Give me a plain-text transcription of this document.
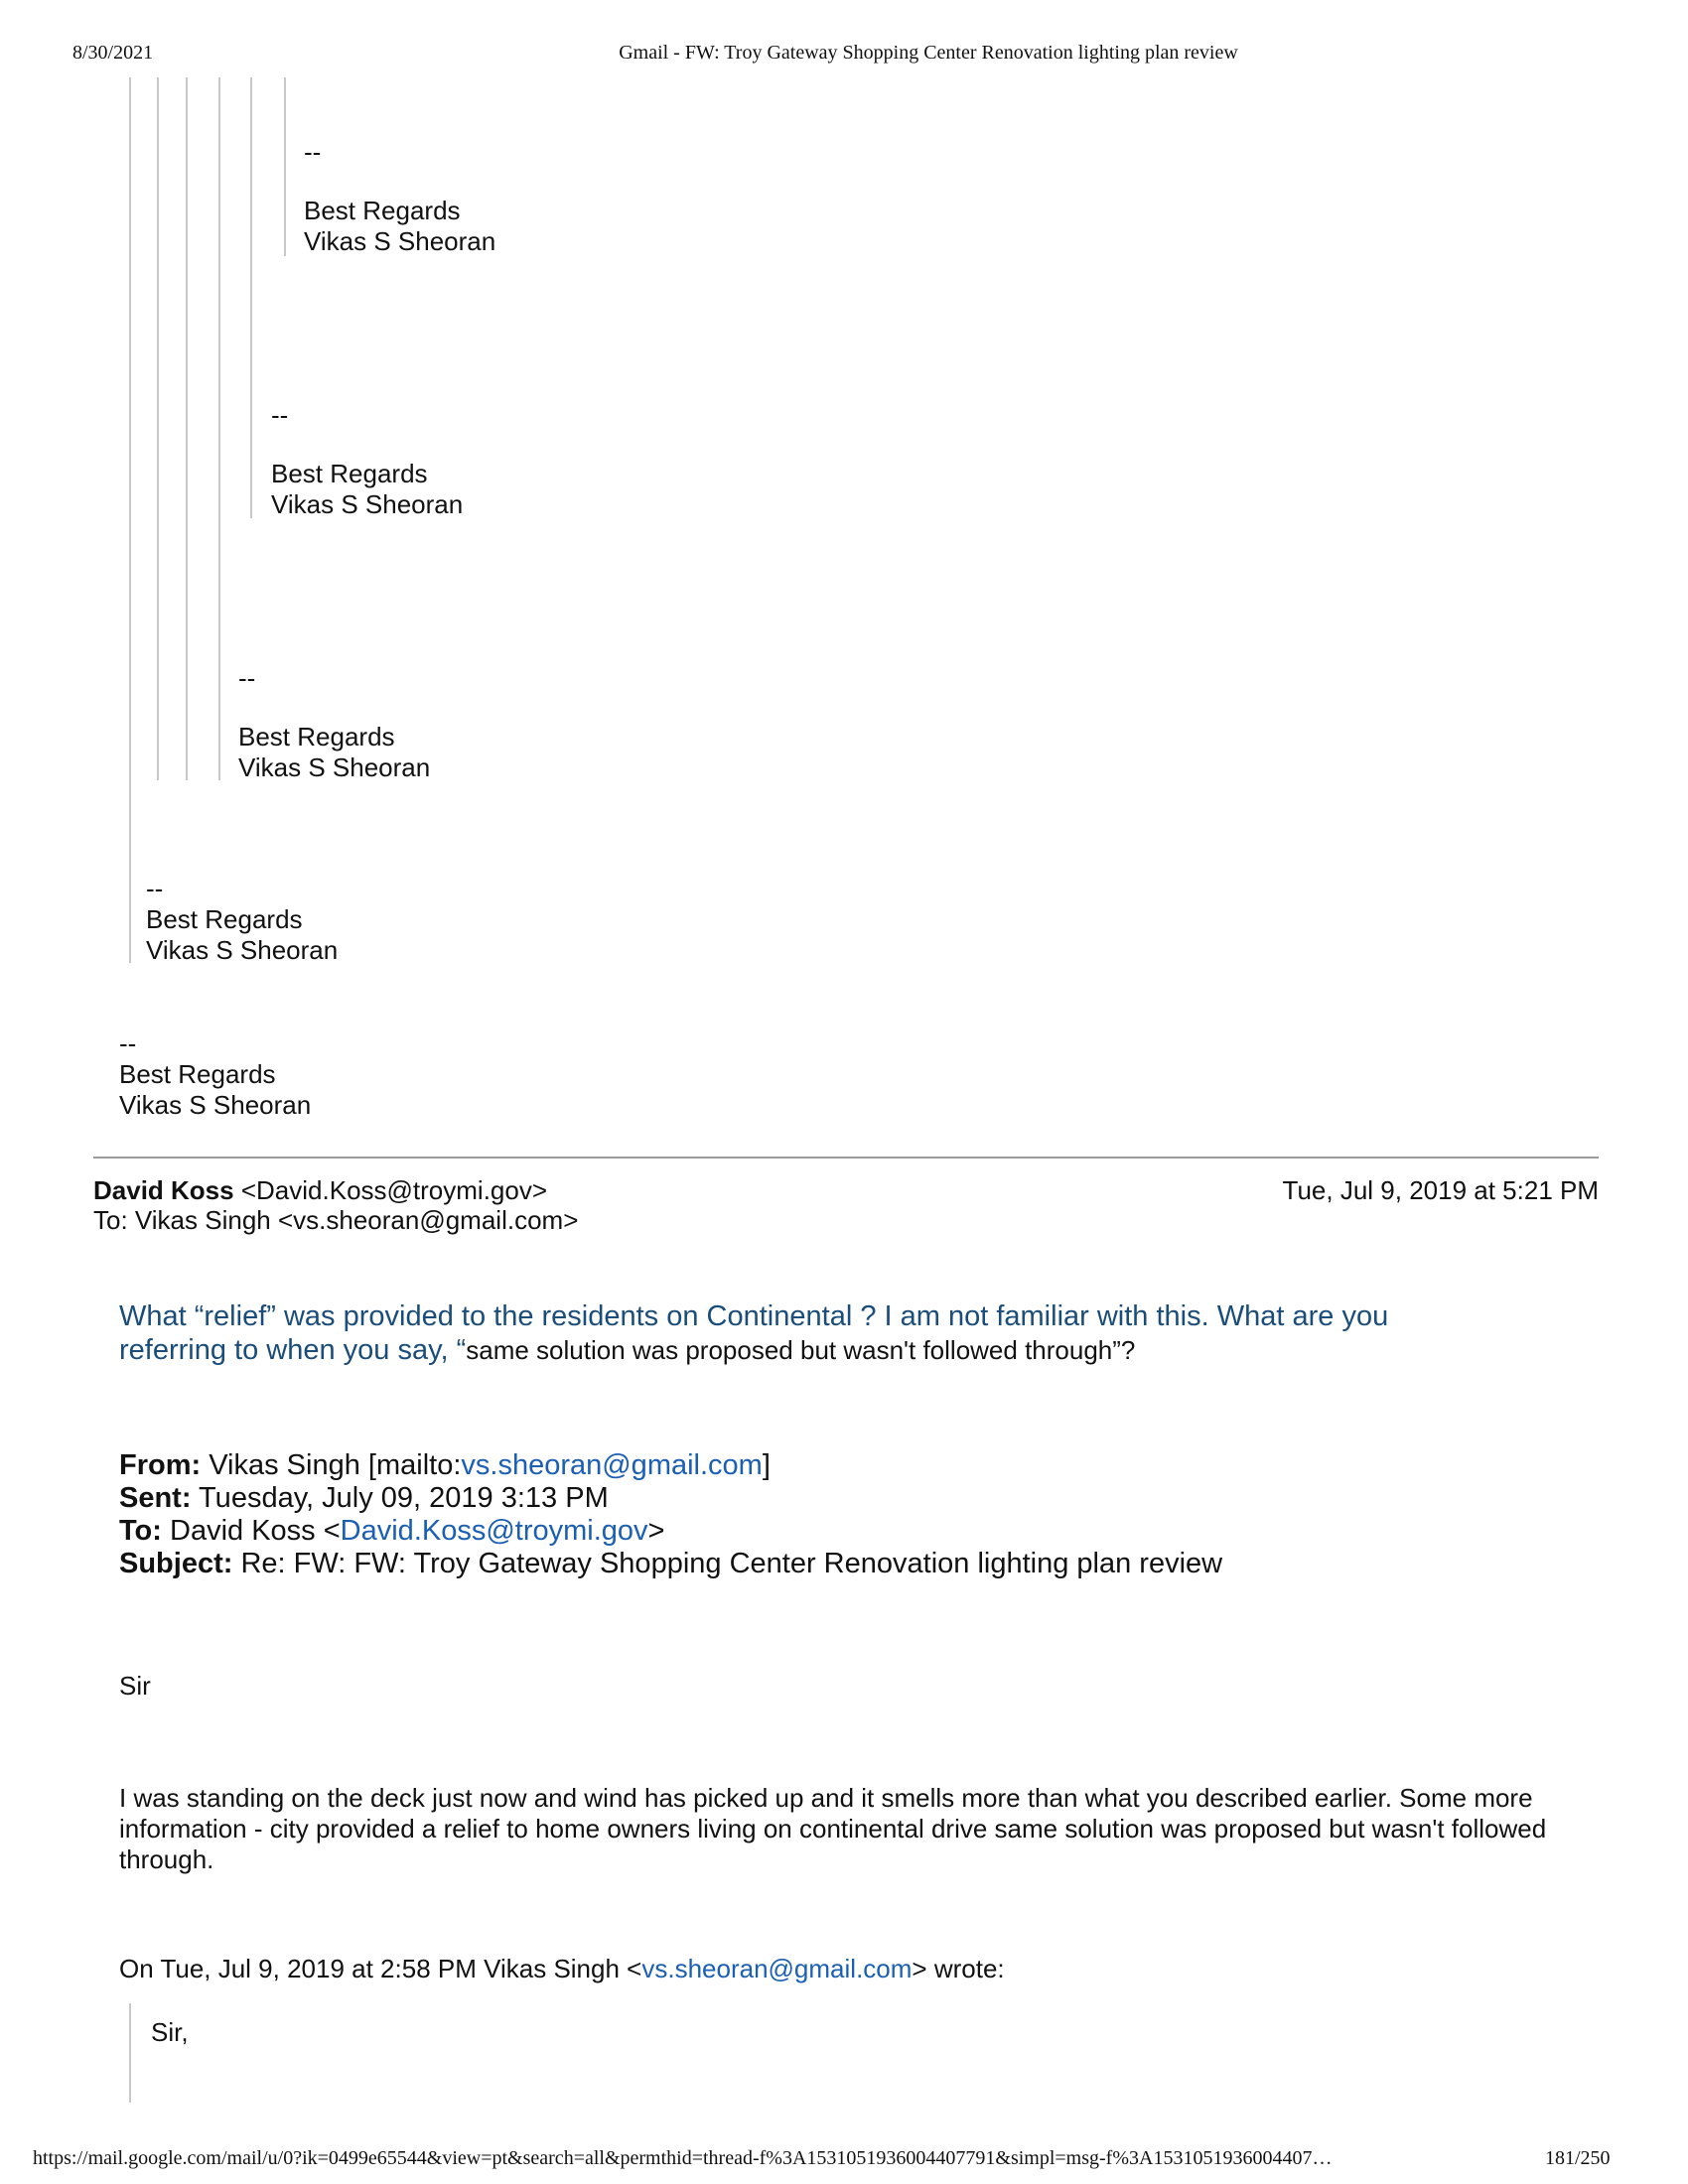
8/30/2021	Gmail - FW: Troy Gateway Shopping Center Renovation lighting plan review
--
Best Regards
Vikas S Sheoran
--
Best Regards
Vikas S Sheoran
--
Best Regards
Vikas S Sheoran
--
Best Regards
Vikas S Sheoran
--
Best Regards
Vikas S Sheoran
David Koss <David.Koss@troymi.gov>	Tue, Jul 9, 2019 at 5:21 PM
To: Vikas Singh <vs.sheoran@gmail.com>
What “relief” was provided to the residents on Continental ? I am not familiar with this. What are you
referring to when you say, “same solution was proposed but wasn't followed through”?
From: Vikas Singh [mailto:vs.sheoran@gmail.com]
Sent: Tuesday, July 09, 2019 3:13 PM
To: David Koss <David.Koss@troymi.gov>
Subject: Re: FW: FW: Troy Gateway Shopping Center Renovation lighting plan review
Sir
I was standing on the deck just now and wind has picked up and it smells more than what you described earlier. Some more information - city provided a relief to home owners living on continental drive same solution was proposed but wasn't followed through.
On Tue, Jul 9, 2019 at 2:58 PM Vikas Singh <vs.sheoran@gmail.com> wrote:
Sir,
https://mail.google.com/mail/u/0?ik=0499e65544&view=pt&search=all&permthid=thread-f%3A1531051936004407791&simpl=msg-f%3A1531051936004407…	181/250
